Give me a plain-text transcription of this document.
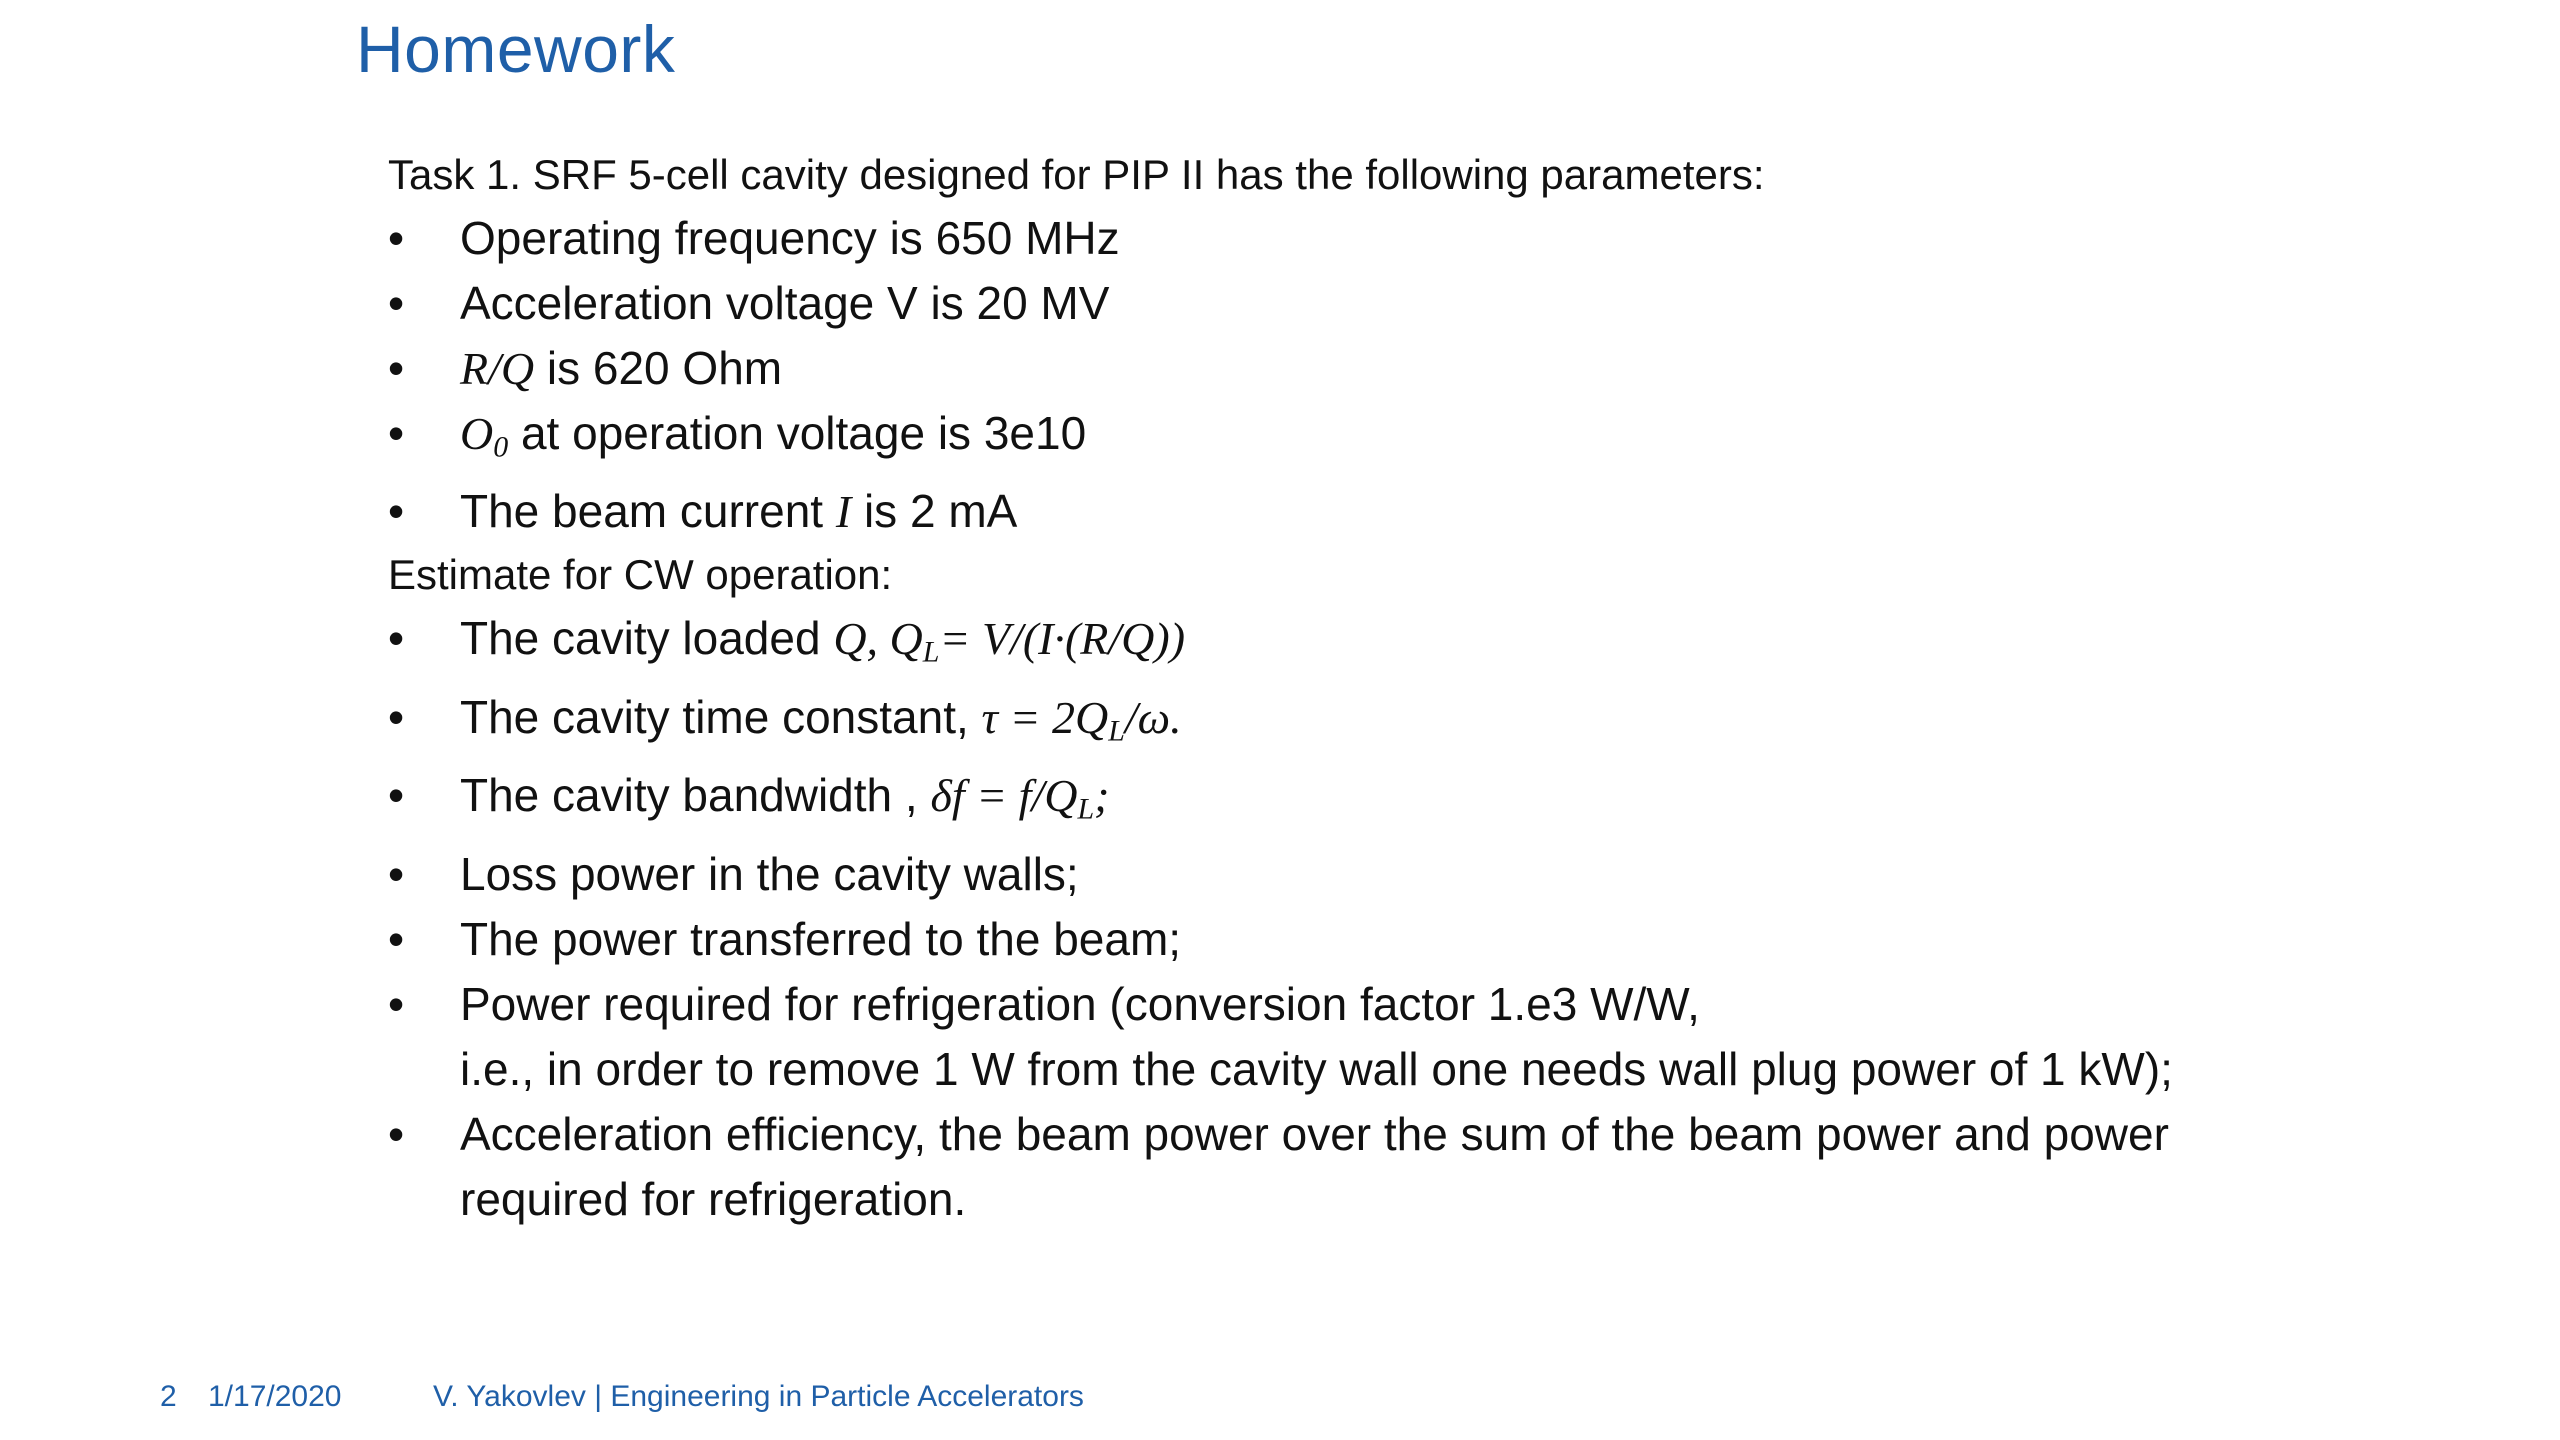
Homework

Task 1. SRF 5-cell cavity designed for PIP II has the following parameters:

•	Operating frequency is 650 MHz
•	Acceleration voltage V is 20 MV
•	R/Q is 620 Ohm
•	$O_0$ at operation voltage is 3e10
•	The beam current I is 2 mA

Estimate for CW operation:

•	The cavity loaded Q, $Q_L= V/(I\cdot(R/Q))$
•	The cavity time constant, $\tau = 2Q_L/\omega$.
•	The cavity bandwidth , $\delta f = f/Q_L$;
•	Loss power in the cavity walls;
•	The power transferred to the beam;
•	Power required for refrigeration (conversion factor 1.e3 W/W,
i.e., in order to remove 1 W from the cavity wall one needs wall plug power of 1 kW);
•	Acceleration efficiency, the beam power over the sum of the beam power and power
required for refrigeration.
2 1/17/2020	V. Yakovlev | Engineering in Particle Accelerators
